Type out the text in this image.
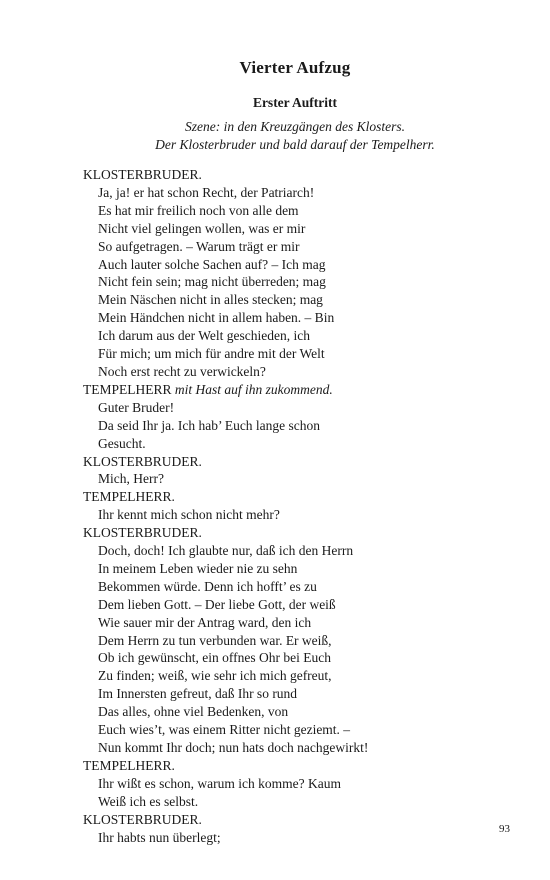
Vierter Aufzug
Erster Auftritt
Szene: in den Kreuzgängen des Klosters.
Der Klosterbruder und bald darauf der Tempelherr.
KLOSTERBRUDER.
Ja, ja! er hat schon Recht, der Patriarch!
Es hat mir freilich noch von alle dem
Nicht viel gelingen wollen, was er mir
So aufgetragen. – Warum trägt er mir
Auch lauter solche Sachen auf? – Ich mag
Nicht fein sein; mag nicht überreden; mag
Mein Näschen nicht in alles stecken; mag
Mein Händchen nicht in allem haben. – Bin
Ich darum aus der Welt geschieden, ich
Für mich; um mich für andre mit der Welt
Noch erst recht zu verwickeln?
TEMPELHERR mit Hast auf ihn zukommend.
Guter Bruder!
Da seid Ihr ja. Ich hab’ Euch lange schon
Gesucht.
KLOSTERBRUDER.
Mich, Herr?
TEMPELHERR.
Ihr kennt mich schon nicht mehr?
KLOSTERBRUDER.
Doch, doch! Ich glaubte nur, daß ich den Herrn
In meinem Leben wieder nie zu sehn
Bekommen würde. Denn ich hofft’ es zu
Dem lieben Gott. – Der liebe Gott, der weiß
Wie sauer mir der Antrag ward, den ich
Dem Herrn zu tun verbunden war. Er weiß,
Ob ich gewünscht, ein offnes Ohr bei Euch
Zu finden; weiß, wie sehr ich mich gefreut,
Im Innersten gefreut, daß Ihr so rund
Das alles, ohne viel Bedenken, von
Euch wies’t, was einem Ritter nicht geziemt. –
Nun kommt Ihr doch; nun hats doch nachgewirkt!
TEMPELHERR.
Ihr wißt es schon, warum ich komme? Kaum
Weiß ich es selbst.
KLOSTERBRUDER.
Ihr habts nun überlegt;
93
